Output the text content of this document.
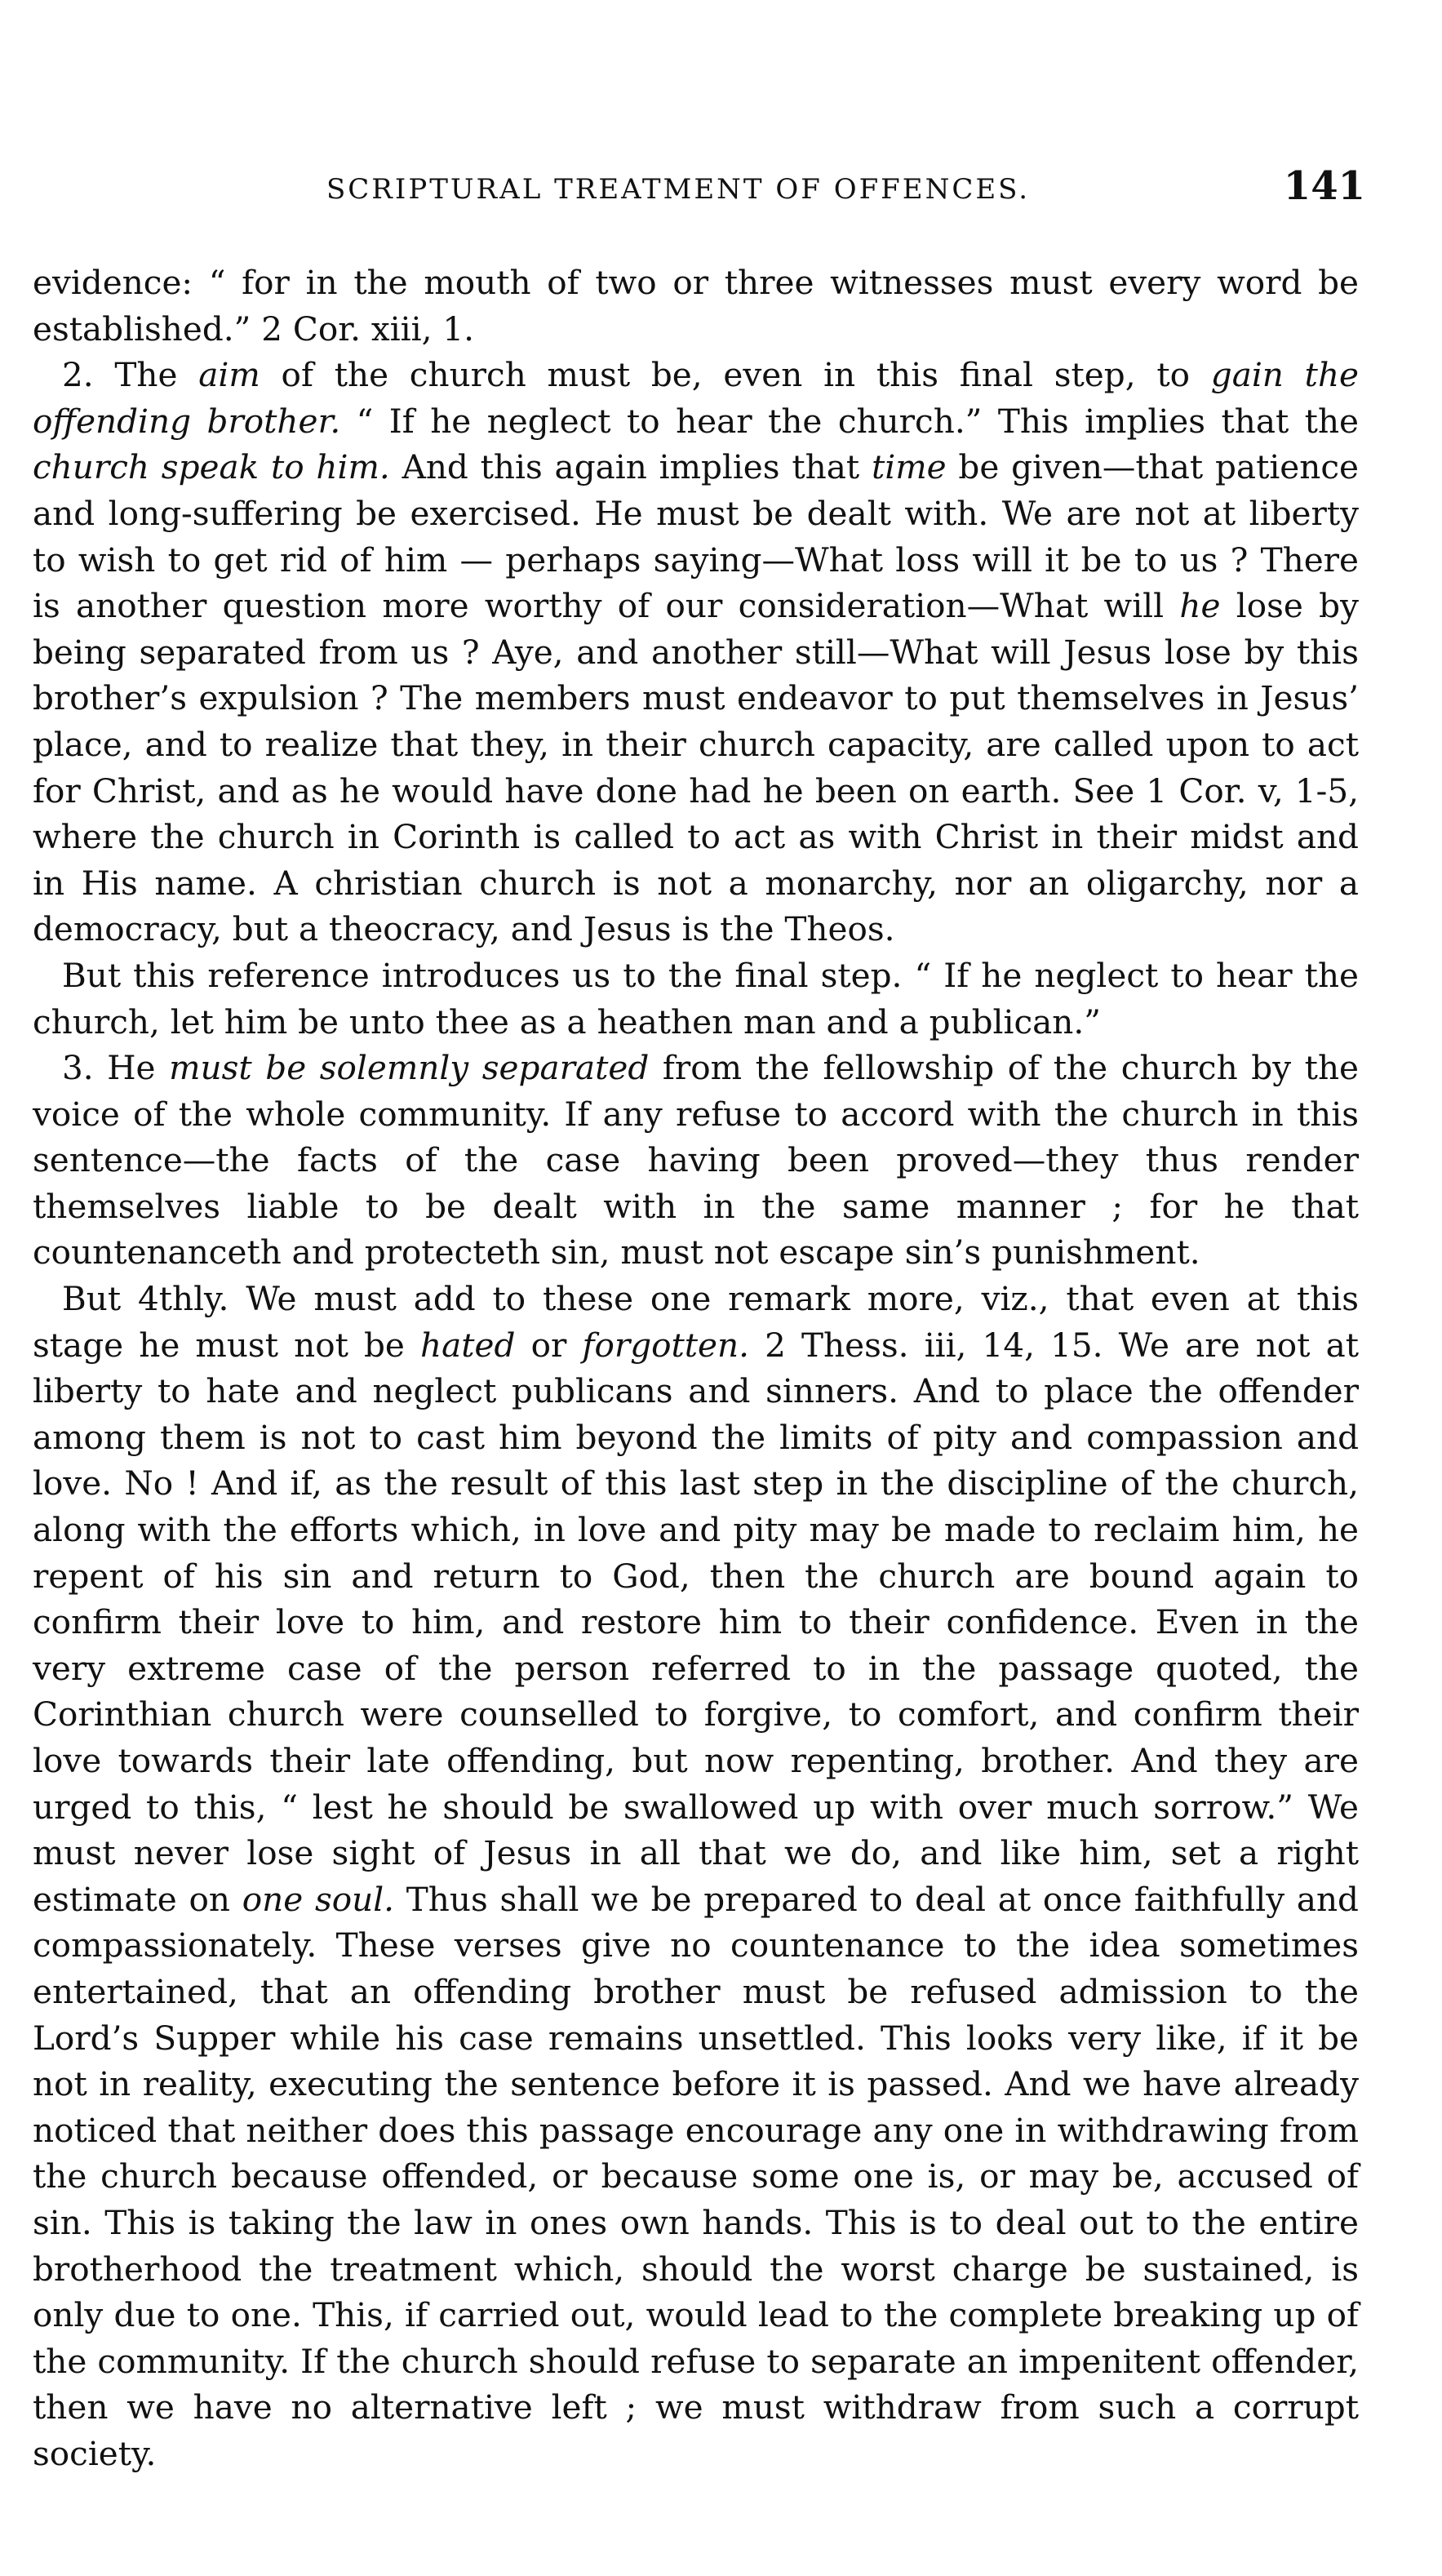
SCRIPTURAL TREATMENT OF OFFENCES.	141

evidence: “ for in the mouth of two or three witnesses must every word be established.” 2 Cor. xiii, 1.

2. The aim of the church must be, even in this final step, to gain the offending brother. “ If he neglect to hear the church.” This implies that the church speak to him. And this again implies that time be given—that patience and long-suffering be exercised. He must be dealt with. We are not at liberty to wish to get rid of him — perhaps saying—What loss will it be to us ? There is another question more worthy of our consideration—What will he lose by being separated from us ? Aye, and another still—What will Jesus lose by this brother’s expulsion ? The members must endeavor to put themselves in Jesus’ place, and to realize that they, in their church capacity, are called upon to act for Christ, and as he would have done had he been on earth. See 1 Cor. v, 1-5, where the church in Corinth is called to act as with Christ in their midst and in His name. A christian church is not a monarchy, nor an oligarchy, nor a democracy, but a theocracy, and Jesus is the Theos.

But this reference introduces us to the final step. “ If he neglect to hear the church, let him be unto thee as a heathen man and a publican.”

3. He must be solemnly separated from the fellowship of the church by the voice of the whole community. If any refuse to accord with the church in this sentence—the facts of the case having been proved—they thus render themselves liable to be dealt with in the same manner ; for he that countenanceth and protecteth sin, must not escape sin’s punishment.

But 4thly. We must add to these one remark more, viz., that even at this stage he must not be hated or forgotten. 2 Thess. iii, 14, 15. We are not at liberty to hate and neglect publicans and sinners. And to place the offender among them is not to cast him beyond the limits of pity and compassion and love. No ! And if, as the result of this last step in the discipline of the church, along with the efforts which, in love and pity may be made to reclaim him, he repent of his sin and return to God, then the church are bound again to confirm their love to him, and restore him to their confidence. Even in the very extreme case of the person referred to in the passage quoted, the Corinthian church were counselled to forgive, to comfort, and confirm their love towards their late offending, but now repenting, brother. And they are urged to this, “ lest he should be swallowed up with over much sorrow.” We must never lose sight of Jesus in all that we do, and like him, set a right estimate on one soul. Thus shall we be prepared to deal at once faithfully and compassionately. These verses give no countenance to the idea sometimes entertained, that an offending brother must be refused admission to the Lord’s Supper while his case remains unsettled. This looks very like, if it be not in reality, executing the sentence before it is passed. And we have already noticed that neither does this passage encourage any one in withdrawing from the church because offended, or because some one is, or may be, accused of sin. This is taking the law in ones own hands. This is to deal out to the entire brotherhood the treatment which, should the worst charge be sustained, is only due to one. This, if carried out, would lead to the complete breaking up of the community. If the church should refuse to separate an impenitent offender, then we have no alternative left ; we must withdraw from such a corrupt society.
